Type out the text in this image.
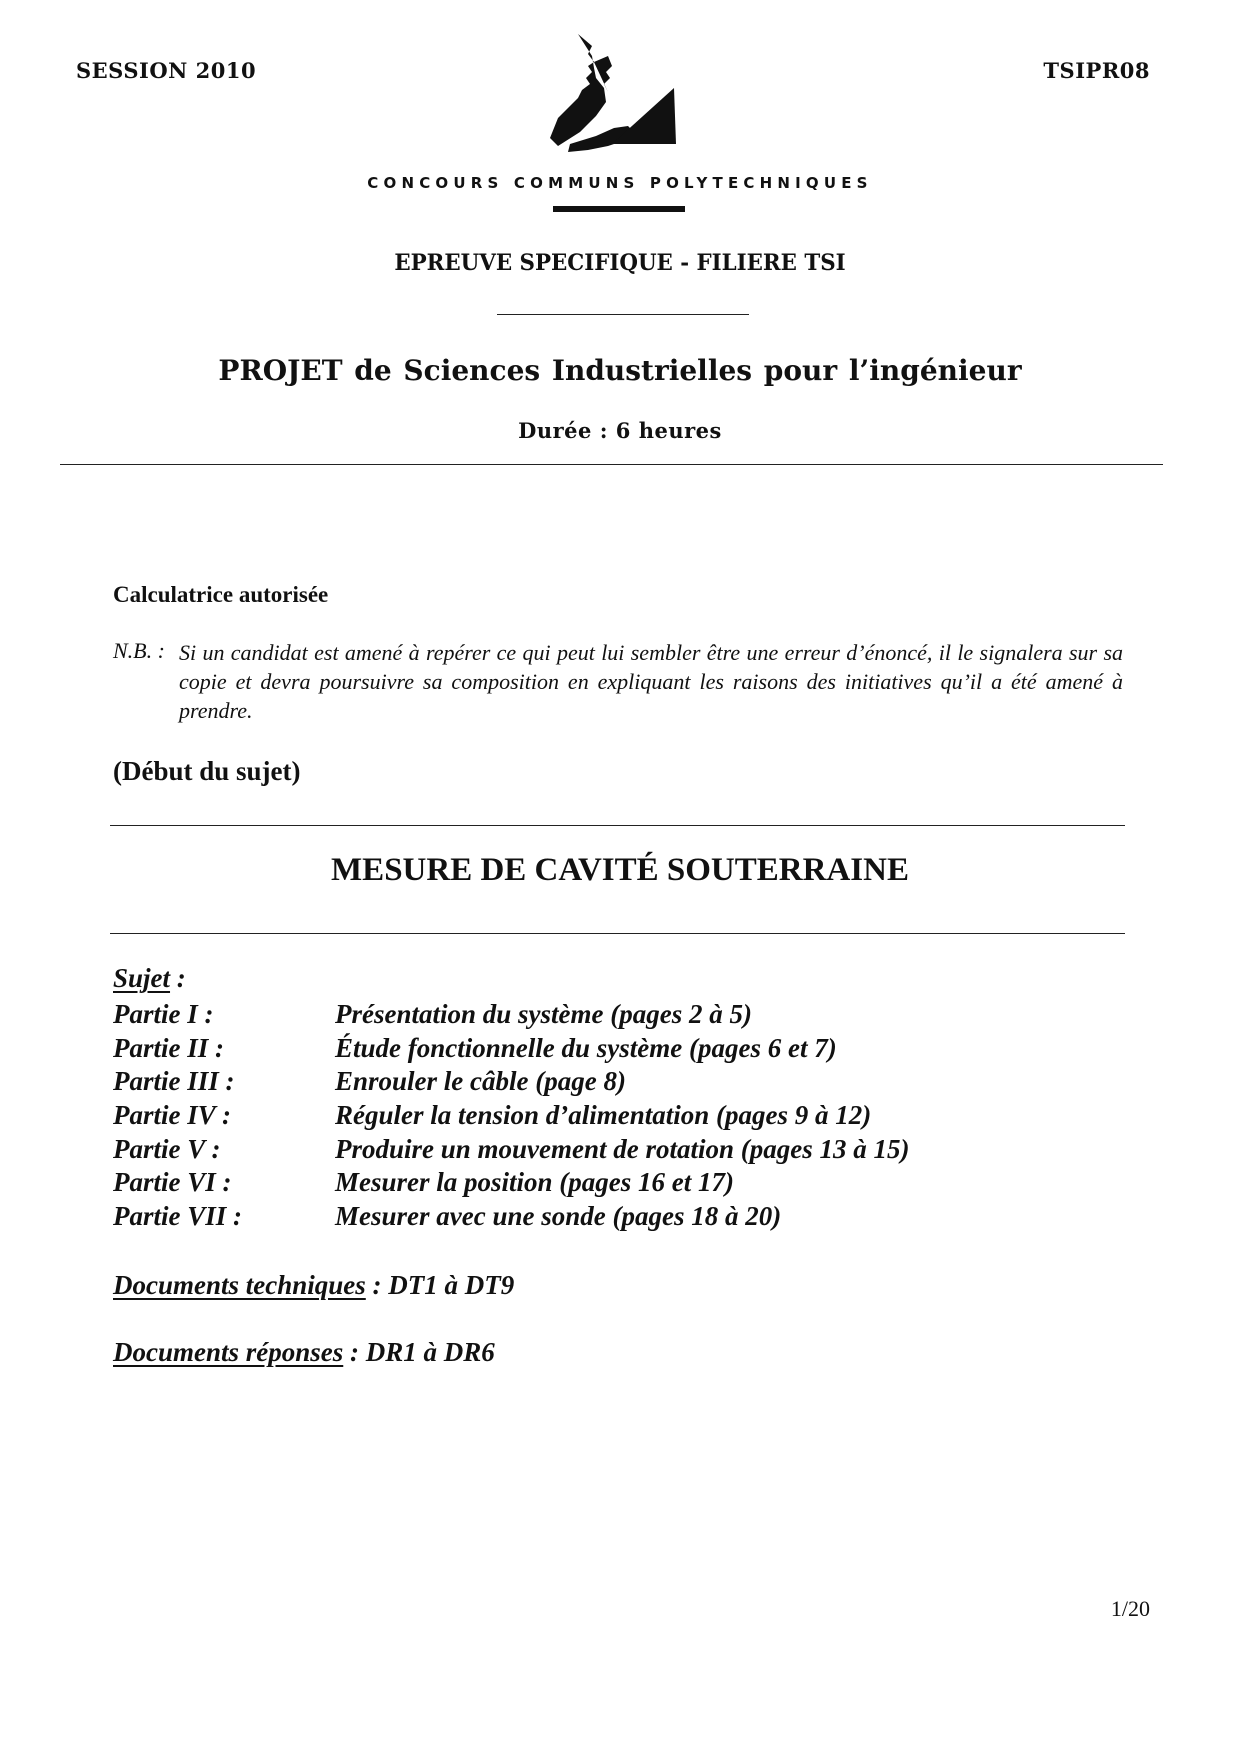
SESSION 2010	TSIPR08
CONCOURS COMMUNS POLYTECHNIQUES
EPREUVE SPECIFIQUE - FILIERE TSI
PROJET de Sciences Industrielles pour l’ingénieur
Durée : 6 heures
Calculatrice autorisée
N.B. : Si un candidat est amené à repérer ce qui peut lui sembler être une erreur d’énoncé, il le signalera sur sa copie et devra poursuivre sa composition en expliquant les raisons des initiatives qu’il a été amené à prendre.
(Début du sujet)
MESURE DE CAVITÉ SOUTERRAINE
Sujet :
Partie I :	Présentation du système (pages 2 à 5)
Partie II :	Étude fonctionnelle du système (pages 6 et 7)
Partie III :	Enrouler le câble (page 8)
Partie IV :	Réguler la tension d’alimentation (pages 9 à 12)
Partie V :	Produire un mouvement de rotation (pages 13 à 15)
Partie VI :	Mesurer la position (pages 16 et 17)
Partie VII :	Mesurer avec une sonde (pages 18 à 20)
Documents techniques : DT1 à DT9
Documents réponses : DR1 à DR6
1/20
